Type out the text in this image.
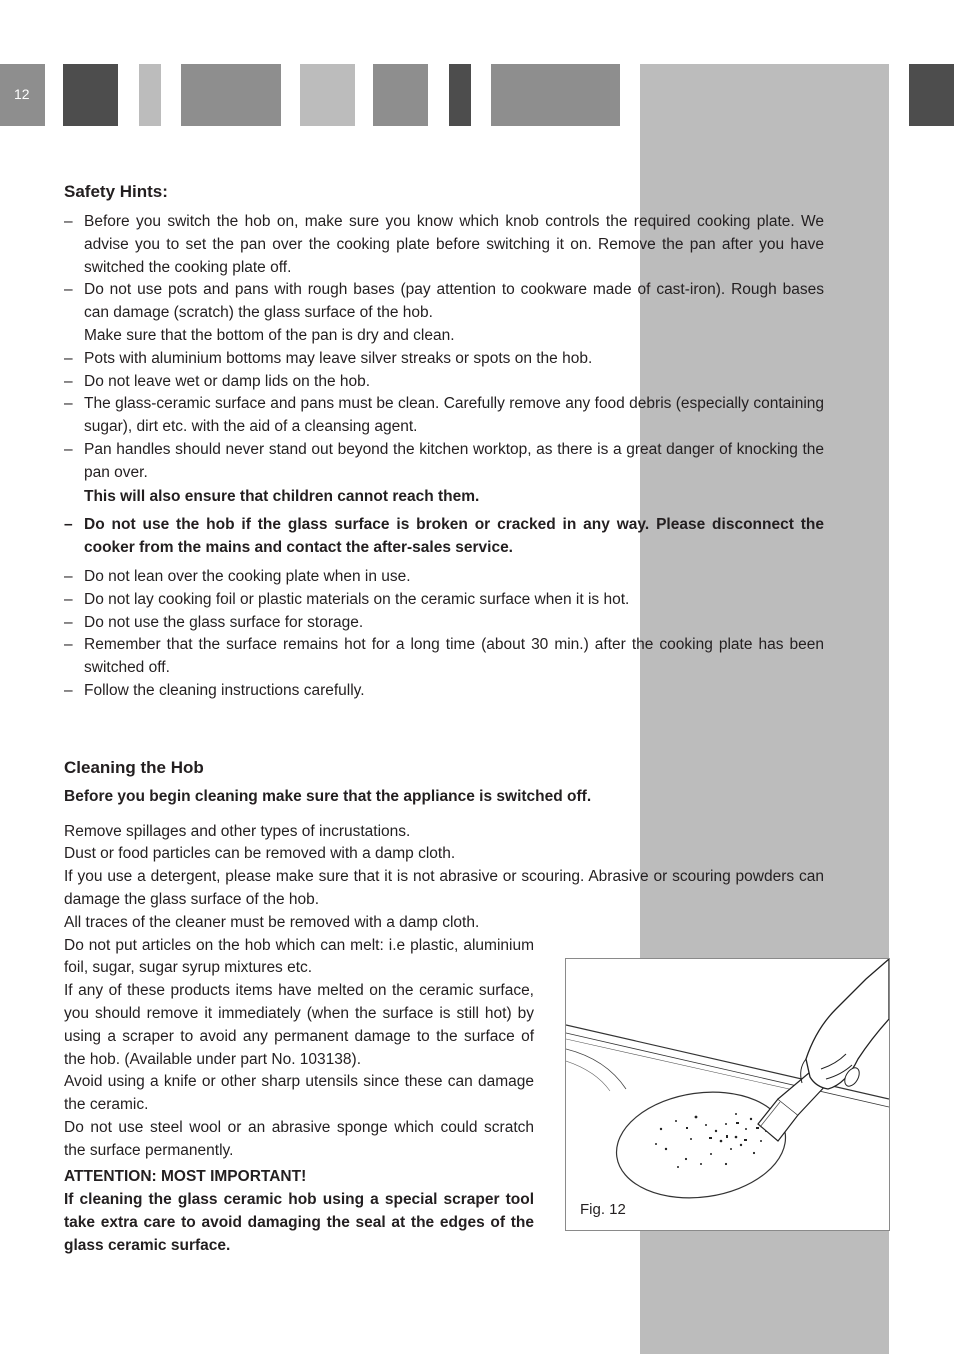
12
Safety Hints:
– Before you switch the hob on, make sure you know which knob controls the required cooking plate. We advise you to set the pan over the cooking plate before switching it on. Remove the pan after you have switched the cooking plate off.
– Do not use pots and pans with rough bases (pay attention to cookware made of cast-iron). Rough bases can damage (scratch) the glass surface of the hob.
Make sure that the bottom of the pan is dry and clean.
– Pots with aluminium bottoms may leave silver streaks or spots on the hob.
– Do not leave wet or damp lids on the hob.
– The glass-ceramic surface and pans must be clean. Carefully remove any food debris (especially containing sugar), dirt etc. with the aid of a cleansing agent.
– Pan handles should never stand out beyond the kitchen worktop, as there is a great danger of knocking the pan over.
This will also ensure that children cannot reach them.
– Do not use the hob if the glass surface is broken or cracked in any way. Please disconnect the cooker from the mains and contact the after-sales service.
– Do not lean over the cooking plate when in use.
– Do not lay cooking foil or plastic materials on the ceramic surface when it is hot.
– Do not use the glass surface for storage.
– Remember that the surface remains hot for a long time (about 30 min.) after the cooking plate has been switched off.
– Follow the cleaning instructions carefully.
Cleaning the Hob

Before you begin cleaning make sure that the appliance is switched off.

Remove spillages and other types of incrustations.

Dust or food particles can be removed with a damp cloth.

If you use a detergent, please make sure that it is not abrasive or scouring. Abrasive or scouring powders can damage the glass surface of the hob.

All traces of the cleaner must be removed with a damp cloth.

Do not put articles on the hob which can melt: i.e plastic, aluminium foil, sugar, sugar syrup mixtures etc.

If any of these products items have melted on the ceramic surface, you should remove it immediately (when the surface is still hot) by using a scraper to avoid any permanent damage to the surface of the hob. (Available under part No. 103138).

Avoid using a knife or other sharp utensils since these can damage the ceramic.

Do not use steel wool or an abrasive sponge which could scratch the surface permanently.

ATTENTION: MOST IMPORTANT!

If cleaning the glass ceramic hob using a special scraper tool take extra care to avoid damaging the seal at the edges of the glass ceramic surface.

Fig. 12
